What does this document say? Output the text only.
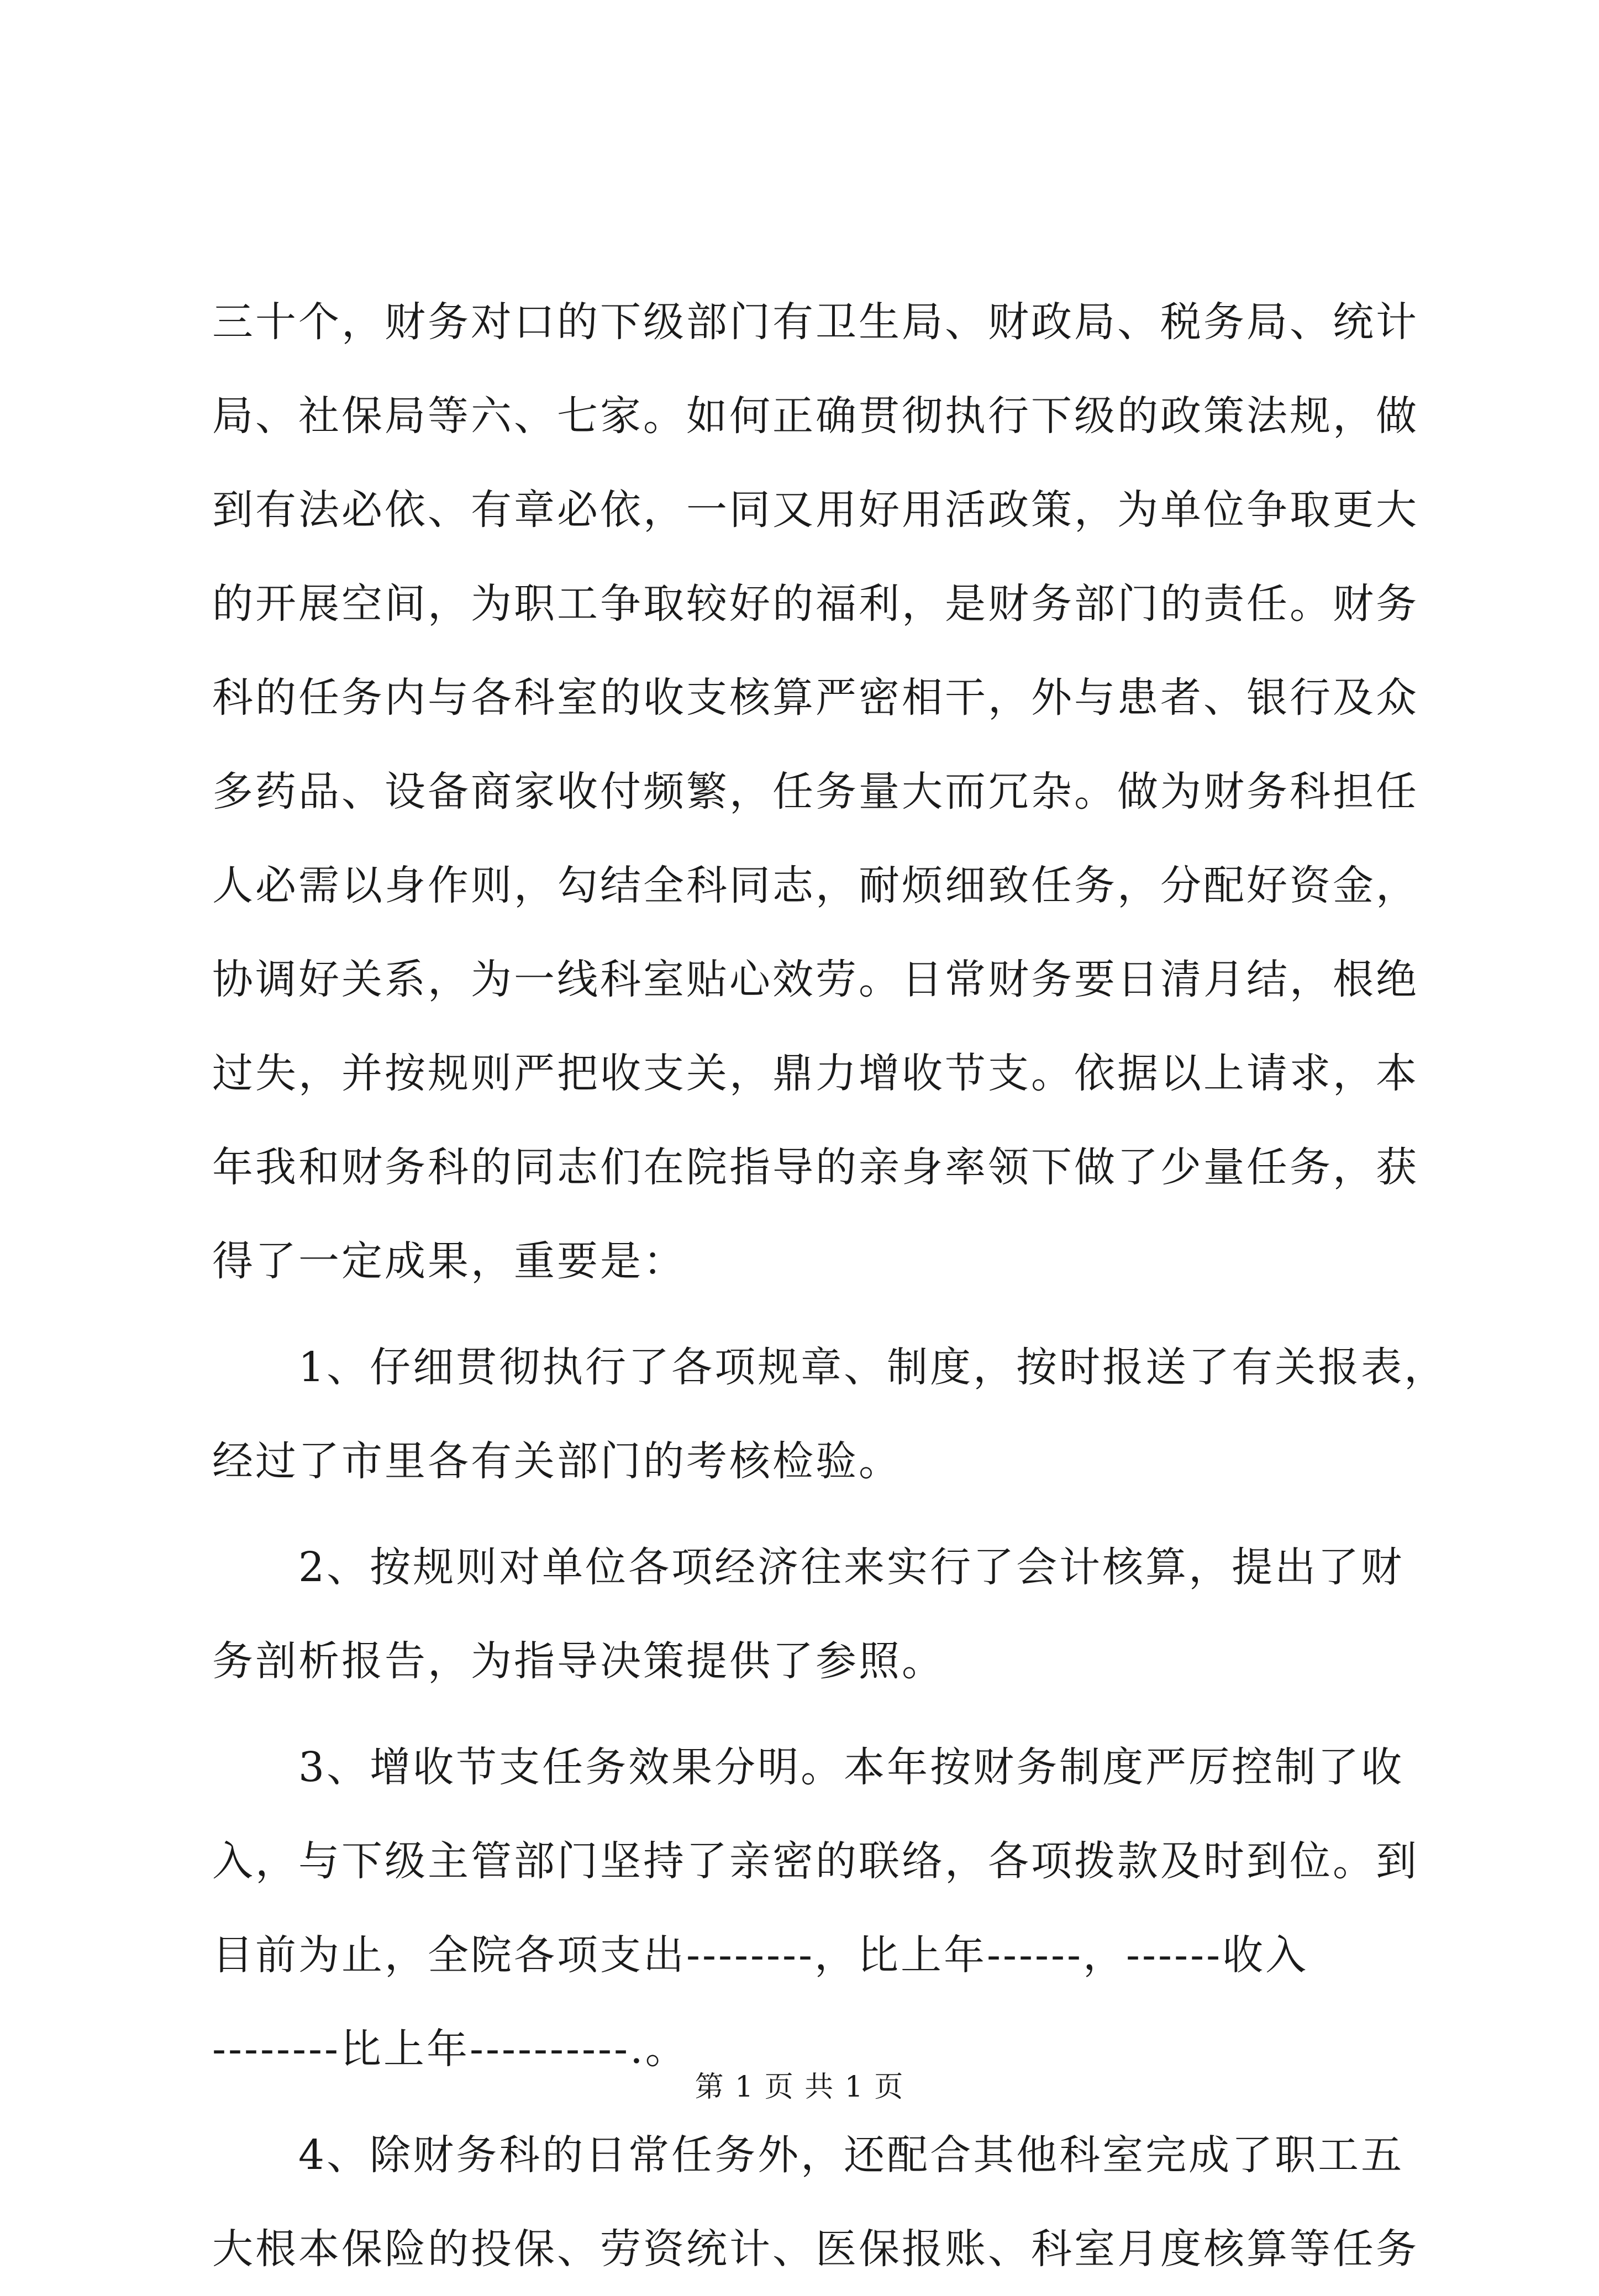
三十个，财务对口的下级部门有卫生局、财政局、税务局、统计
局、社保局等六、七家。如何正确贯彻执行下级的政策法规，做
到有法必依、有章必依，一同又用好用活政策，为单位争取更大
的开展空间，为职工争取较好的福利，是财务部门的责任。财务
科的任务内与各科室的收支核算严密相干，外与患者、银行及众
多药品、设备商家收付频繁，任务量大而冗杂。做为财务科担任
人必需以身作则，勾结全科同志，耐烦细致任务，分配好资金，
协调好关系，为一线科室贴心效劳。日常财务要日清月结，根绝
过失，并按规则严把收支关，鼎力增收节支。依据以上请求，本
年我和财务科的同志们在院指导的亲身率领下做了少量任务，获
得了一定成果，重要是：
　　1、仔细贯彻执行了各项规章、制度，按时报送了有关报表，
经过了市里各有关部门的考核检验。
　　2、按规则对单位各项经济往来实行了会计核算，提出了财
务剖析报告，为指导决策提供了参照。
　　3、增收节支任务效果分明。本年按财务制度严厉控制了收
入，与下级主管部门坚持了亲密的联络，各项拨款及时到位。到
目前为止，全院各项支出--------，比上年------，------收入
--------比上年----------.。
　　4、除财务科的日常任务外，还配合其他科室完成了职工五
大根本保险的投保、劳资统计、医保报账、科室月度核算等任务
第 1 页 共 1 页
